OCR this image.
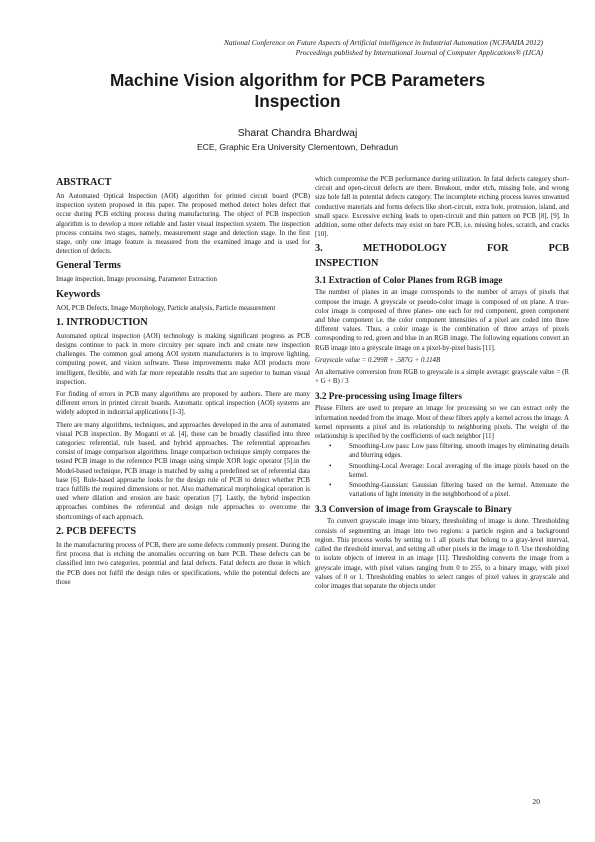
National Conference on Future Aspects of Artificial intelligence in Industrial Automation (NCFAAIIA 2012)
Proceedings published by International Journal of Computer Applications® (IJCA)
Machine Vision algorithm for PCB Parameters
Inspection
Sharat Chandra Bhardwaj
ECE, Graphic Era University Clementown, Dehradun
ABSTRACT

An Automated Optical Inspection (AOI) algorithm for printed circuit board (PCB) inspection system proposed in this paper. The proposed method detect holes defect that occur during PCB etching process during manufacturing. The object of PCB inspection algorithm is to develop a more reliable and faster visual inspection system. The inspection process contains two stages, namely, measurement stage and detection stage. In the first stage, only one image feature is measured from the examined image and is used for detection of defects.

General Terms

Image inspection, Image processing, Parameter Extraction

Keywords

AOI, PCB Defects, Image Morphology, Particle analysis, Particle measurement

1. INTRODUCTION

Automated optical inspection (AOI) technology is making significant progress as PCB designs continue to pack in more circuitry per square inch and create new inspection challenges. The common goal among AOI system manufacturers is to improve lighting, computing power, and vision software. These improvements make AOI products more intelligent, flexible, and with far more repeatable results that are superior to human visual inspection.

For finding of errors in PCB many algorithms are proposed by authors. There are many different errors in printed circuit boards. Automatic optical inspection (AOI) systems are widely adopted in industrial applications [1-3].

There are many algorithms, techniques, and approaches developed in the area of automated visual PCB inspection. By Moganti et al. [4], these can be broadly classified into three categories: referential, rule based, and hybrid approaches. The referential approaches consist of image comparison algorithms. Image comparison technique simply compares the tested PCB image to the reference PCB image using simple XOR logic operator [5].in the Model-based technique, PCB image is matched by using a predefined set of referential data base [6]. Rule-based approache looks for the design rule of PCB to detect whether PCB trace fulfills the required dimensions or not. Also mathematical morphological operation is used where dilation and erosion are basic operation [7]. Lastly, the hybrid inspection approaches combines the referential and design rule approaches to overcome the shortcomings of each approach.

2. PCB DEFECTS

In the manufacturing process of PCB, there are some defects commonly present. During the first process that is etching the anomalies occurring on bare PCB. These defects can be classified into two categories, potential and fatal defects. Fatal defects are those in which the PCB does not fulfil the design rules or specifications, while the potential defects are those

which compromise the PCB performance during utilization. In fatal defects category short-circuit and open-circuit defects are there. Breakout, under etch, missing hole, and wrong size hole fall in potential defects category. The incomplete etching process leaves unwanted conductive materials and forms defects like short-circuit, extra hole, protrusion, island, and small space. Excessive etching leads to open-circuit and thin pattern on PCB [8], [9]. In addition, some other defects may exist on bare PCB, i.e. missing holes, scratch, and cracks [10].

3. METHODOLOGY FOR PCB
INSPECTION
3.1 Extraction of Color Planes from RGB image

The number of planes in an image corresponds to the number of arrays of pixels that compose the image. A greyscale or pseudo-color image is composed of on plane. A true-color image is composed of three planes- one each for red component, green component and blue component i.e. the color component intensities of a pixel are coded into three different values. Thus, a color image is the combination of three arrays of pixels corresponding to red, green and blue in an RGB image. The following equations convert an RGB image into a greyscale image on a pixel-by-pixel basis [11].

Grayscale value = 0.299R + .587G + 0.114B

An alternative conversion from RGB to greyscale is a simple average: grayscale value = (R + G + B) / 3

3.2 Pre-processing using Image filters

Please Filters are used to prepare an image for processing so we can extract only the information needed from the image. Most of these filters apply a kernel across the image. A kernel represents a pixel and its relationship to neighboring pixels. The weight of the relationship is specified by the coefficients of each neighbor [11]

• Smoothing-Low pass: Low pass filtering. smooth images by eliminating details and blurring edges.
• Smoothing-Local Average: Local averaging of the image pixels based on the kernel.
• Smoothing-Gaussian: Gaussian filtering based on the kernel. Attenuate the variations of light intensity in the neighborhood of a pixel.
3.3 Conversion of image from Grayscale to Binary

To convert grayscale image into binary, thresholding of image is done. Thresholding consists of segmenting an image into two regions: a particle region and a background region. This process works by setting to 1 all pixels that belong to a gray-level interval, called the threshold interval, and setting all other pixels in the image to 0. Use thresholding to isolate objects of interest in an image [11]. Thresholding converts the image from a greyscale image, with pixel values ranging from 0 to 255, to a binary image, with pixel values of 0 or 1. Thresholding enables to select ranges of pixel values in grayscale and color images that separate the objects under

20
